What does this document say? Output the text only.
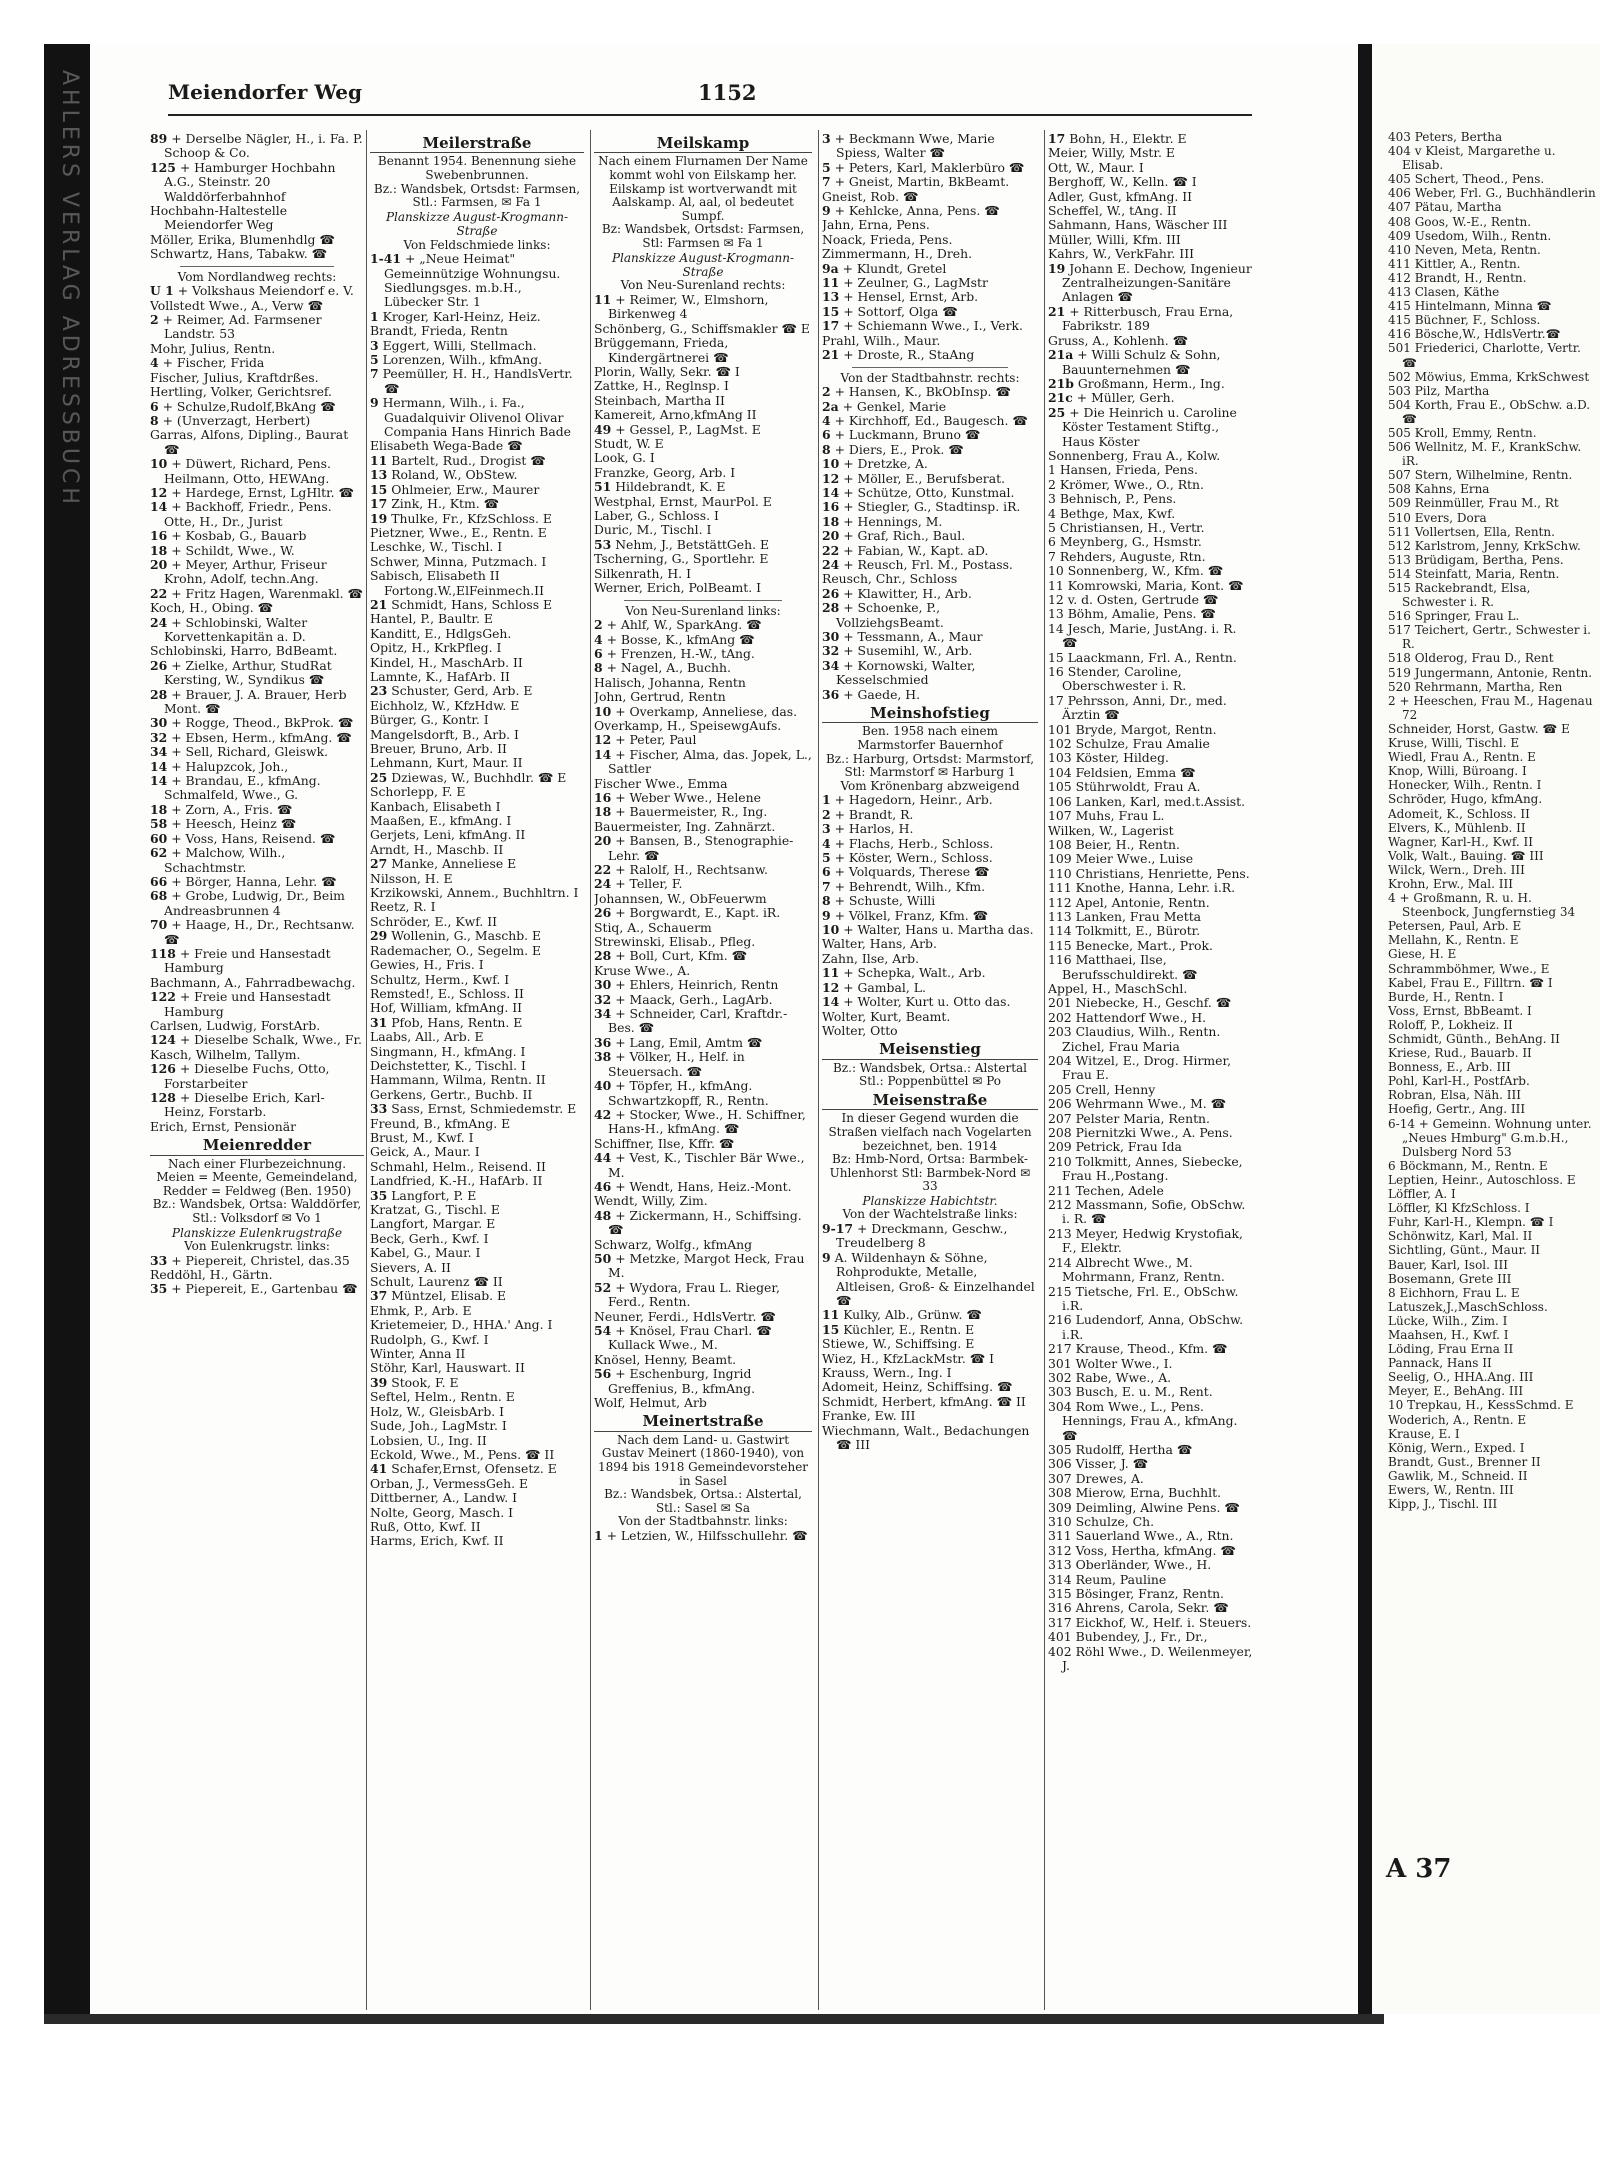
AHLERS VERLAG ADRESSBUCH	403 Peters, Bertha
404 v Kleist, Margarethe u. Elisab.
405 Schert, Theod., Pens.
406 Weber, Frl. G., Buchhändlerin
407 Pätau, Martha
408 Goos, W.-E., Rentn.
409 Usedom, Wilh., Rentn.
410 Neven, Meta, Rentn.
411 Kittler, A., Rentn.
412 Brandt, H., Rentn.
413 Clasen, Käthe
415 Hintelmann, Minna ☎
415 Büchner, F., Schloss.
416 Bösche,W., HdlsVertr.☎
501 Friederici, Charlotte, Vertr. ☎
502 Möwius, Emma, KrkSchwest
503 Pilz, Martha
504 Korth, Frau E., ObSchw. a.D. ☎
505 Kroll, Emmy, Rentn.
506 Wellnitz, M. F., KrankSchw. iR.
507 Stern, Wilhelmine, Rentn.
508 Kahns, Erna
509 Reinmüller, Frau M., Rt
510 Evers, Dora
511 Vollertsen, Ella, Rentn.
512 Karlstrom, Jenny, KrkSchw.
513 Brüdigam, Bertha, Pens.
514 Steinfatt, Maria, Rentn.
515 Rackebrandt, Elsa, Schwester i. R.
516 Springer, Frau L.
517 Teichert, Gertr., Schwester i. R.
518 Olderog, Frau D., Rent
519 Jungermann, Antonie, Rentn.
520 Rehrmann, Martha, Ren
2 + Heeschen, Frau M., Hagenau 72
Schneider, Horst, Gastw. ☎ E
Kruse, Willi, Tischl. E
Wiedl, Frau A., Rentn. E
Knop, Willi, Büroang. I
Honecker, Wilh., Rentn. I
Schröder, Hugo, kfmAng.
Adomeit, K., Schloss. II
Elvers, K., Mühlenb. II
Wagner, Karl-H., Kwf. II
Volk, Walt., Bauing. ☎ III
Wilck, Wern., Dreh. III
Krohn, Erw., Mal. III
4 + Großmann, R. u. H. Steenbock, Jungfernstieg 34
Petersen, Paul, Arb. E
Mellahn, K., Rentn. E
Giese, H. E
Schrammböhmer, Wwe., E
Kabel, Frau E., Filltrn. ☎ I
Burde, H., Rentn. I
Voss, Ernst, BbBeamt. I
Roloff, P., Lokheiz. II
Schmidt, Günth., BehAng. II
Kriese, Rud., Bauarb. II
Bonness, E., Arb. III
Pohl, Karl-H., PostfArb.
Robran, Elsa, Näh. III
Hoefig, Gertr., Ang. III
6-14 + Gemeinn. Wohnung unter. „Neues Hmburg" G.m.b.H., Dulsberg Nord 53
6 Böckmann, M., Rentn. E
Leptien, Heinr., Autoschloss. E
Löffler, A. I
Löffler, Kl KfzSchloss. I
Fuhr, Karl-H., Klempn. ☎ I
Schönwitz, Karl, Mal. II
Sichtling, Günt., Maur. II
Bauer, Karl, Isol. III
Bosemann, Grete III
8 Eichhorn, Frau L. E
Latuszek,J.,MaschSchloss.
Lücke, Wilh., Zim. I
Maahsen, H., Kwf. I
Löding, Frau Erna II
Pannack, Hans II
Seelig, O., HHA.Ang. III
Meyer, E., BehAng. III
10 Trepkau, H., KessSchmd. E
Woderich, A., Rentn. E
Krause, E. I
König, Wern., Exped. I
Brandt, Gust., Brenner II
Gawlik, M., Schneid. II
Ewers, W., Rentn. III
Kipp, J., Tischl. III
A 37
Meiendorfer Weg	1152
89 + Derselbe Nägler, H., i. Fa. P. Schoop & Co.
125 + Hamburger Hochbahn A.G., Steinstr. 20 Walddörferbahnhof
Hochbahn-Haltestelle Meiendorfer Weg
Möller, Erika, Blumenhdlg ☎
Schwartz, Hans, Tabakw. ☎
Vom Nordlandweg rechts:
U 1 + Volkshaus Meiendorf e. V.
Vollstedt Wwe., A., Verw ☎
2 + Reimer, Ad. Farmsener Landstr. 53
Mohr, Julius, Rentn.
4 + Fischer, Frida
Fischer, Julius, Kraftdrßes.
Hertling, Volker, Gerichtsref.
6 + Schulze,Rudolf,BkAng ☎
8 + (Unverzagt, Herbert)
Garras, Alfons, Dipling., Baurat ☎
10 + Düwert, Richard, Pens. Heilmann, Otto, HEWAng.
12 + Hardege, Ernst, LgHltr. ☎
14 + Backhoff, Friedr., Pens. Otte, H., Dr., Jurist
16 + Kosbab, G., Bauarb
18 + Schildt, Wwe., W.
20 + Meyer, Arthur, Friseur Krohn, Adolf, techn.Ang.
22 + Fritz Hagen, Warenmakl. ☎
Koch, H., Obing. ☎
24 + Schlobinski, Walter Korvettenkapitän a. D.
Schlobinski, Harro, BdBeamt.
26 + Zielke, Arthur, StudRat Kersting, W., Syndikus ☎
28 + Brauer, J. A. Brauer, Herb Mont. ☎
30 + Rogge, Theod., BkProk. ☎
32 + Ebsen, Herm., kfmAng. ☎
34 + Sell, Richard, Gleiswk.
14 + Halupzcok, Joh.,
14 + Brandau, E., kfmAng. Schmalfeld, Wwe., G.
18 + Zorn, A., Fris. ☎
58 + Heesch, Heinz ☎
60 + Voss, Hans, Reisend. ☎
62 + Malchow, Wilh., Schachtmstr.
66 + Börger, Hanna, Lehr. ☎
68 + Grobe, Ludwig, Dr., Beim Andreasbrunnen 4
70 + Haage, H., Dr., Rechtsanw. ☎
118 + Freie und Hansestadt Hamburg
Bachmann, A., Fahrradbewachg.
122 + Freie und Hansestadt Hamburg
Carlsen, Ludwig, ForstArb.
124 + Dieselbe Schalk, Wwe., Fr.
Kasch, Wilhelm, Tallym.
126 + Dieselbe Fuchs, Otto, Forstarbeiter
128 + Dieselbe Erich, Karl-Heinz, Forstarb.
Erich, Ernst, Pensionär
Meienredder
Nach einer Flurbezeichnung. Meien = Meente, Gemeindeland, Redder = Feldweg (Ben. 1950)
Bz.: Wandsbek, Ortsa: Walddörfer, Stl.: Volksdorf ✉ Vo 1
Planskizze Eulenkrugstraße
Von Eulenkrugstr. links:
33 + Piepereit, Christel, das.35
Reddöhl, H., Gärtn.
35 + Piepereit, E., Gartenbau ☎
Meilerstraße
Benannt 1954. Benennung siehe Swebenbrunnen.
Bz.: Wandsbek, Ortsdst: Farmsen, Stl.: Farmsen, ✉ Fa 1
Planskizze August-Krogmann-Straße
Von Feldschmiede links:
1-41 + „Neue Heimat" Gemeinnützige Wohnungsu. Siedlungsges. m.b.H., Lübecker Str. 1
1 Kroger, Karl-Heinz, Heiz.
Brandt, Frieda, Rentn
3 Eggert, Willi, Stellmach.
5 Lorenzen, Wilh., kfmAng.
7 Peemüller, H. H., HandlsVertr. ☎
9 Hermann, Wilh., i. Fa., Guadalquivir Olivenol Olivar Compania Hans Hinrich Bade
Elisabeth Wega-Bade ☎
11 Bartelt, Rud., Drogist ☎
13 Roland, W., ObStew.
15 Ohlmeier, Erw., Maurer
17 Zink, H., Ktm. ☎
19 Thulke, Fr., KfzSchloss. E
Pietzner, Wwe., E., Rentn. E
Leschke, W., Tischl. I
Schwer, Minna, Putzmach. I
Sabisch, Elisabeth II Fortong.W.,ElFeinmech.II
21 Schmidt, Hans, Schloss E
Hantel, P., Baultr. E
Kanditt, E., HdlgsGeh.
Opitz, H., KrkPfleg. I
Kindel, H., MaschArb. II
Lamnte, K., HafArb. II
23 Schuster, Gerd, Arb. E
Eichholz, W., KfzHdw. E
Bürger, G., Kontr. I
Mangelsdorft, B., Arb. I
Breuer, Bruno, Arb. II
Lehmann, Kurt, Maur. II
25 Dziewas, W., Buchhdlr. ☎ E
Schorlepp, F. E
Kanbach, Elisabeth I
Maaßen, E., kfmAng. I
Gerjets, Leni, kfmAng. II
Arndt, H., Maschb. II
27 Manke, Anneliese E
Nilsson, H. E
Krzikowski, Annem., Buchhltrn. I
Reetz, R. I
Schröder, E., Kwf. II
29 Wollenin, G., Maschb. E
Rademacher, O., Segelm. E
Gewies, H., Fris. I
Schultz, Herm., Kwf. I
Remsted!, E., Schloss. II
Hof, William, kfmAng. II
31 Pfob, Hans, Rentn. E
Laabs, All., Arb. E
Singmann, H., kfmAng. I
Deichstetter, K., Tischl. I
Hammann, Wilma, Rentn. II
Gerkens, Gertr., Buchb. II
33 Sass, Ernst, Schmiedemstr. E
Freund, B., kfmAng. E
Brust, M., Kwf. I
Geick, A., Maur. I
Schmahl, Helm., Reisend. II
Landfried, K.-H., HafArb. II
35 Langfort, P. E
Kratzat, G., Tischl. E
Langfort, Margar. E
Beck, Gerh., Kwf. I
Kabel, G., Maur. I
Sievers, A. II
Schult, Laurenz ☎ II
37 Müntzel, Elisab. E
Ehmk, P., Arb. E
Krietemeier, D., HHA.' Ang. I
Rudolph, G., Kwf. I
Winter, Anna II
Stöhr, Karl, Hauswart. II
39 Stook, F. E
Seftel, Helm., Rentn. E
Holz, W., GleisbArb. I
Sude, Joh., LagMstr. I
Lobsien, U., Ing. II
Eckold, Wwe., M., Pens. ☎ II
41 Schafer,Ernst, Ofensetz. E
Orban, J., VermessGeh. E
Dittberner, A., Landw. I
Nolte, Georg, Masch. I
Ruß, Otto, Kwf. II
Harms, Erich, Kwf. II
Meilskamp
Nach einem Flurnamen Der Name kommt wohl von Eilskamp her. Eilskamp ist wortverwandt mit Aalskamp. Al, aal, ol bedeutet Sumpf.
Bz: Wandsbek, Ortsdst: Farmsen, Stl: Farmsen ✉ Fa 1
Planskizze August-Krogmann-Straße
Von Neu-Surenland rechts:
11 + Reimer, W., Elmshorn, Birkenweg 4
Schönberg, G., Schiffsmakler ☎ E
Brüggemann, Frieda, Kindergärtnerei ☎
Plorin, Wally, Sekr. ☎ I
Zattke, H., Reglnsp. I
Steinbach, Martha II
Kamereit, Arno,kfmAng II
49 + Gessel, P., LagMst. E
Studt, W. E
Look, G. I
Franzke, Georg, Arb. I
51 Hildebrandt, K. E
Westphal, Ernst, MaurPol. E
Laber, G., Schloss. I
Duric, M., Tischl. I
53 Nehm, J., BetstättGeh. E
Tscherning, G., Sportlehr. E
Silkenrath, H. I
Werner, Erich, PolBeamt. I
Von Neu-Surenland links:
2 + Ahlf, W., SparkAng. ☎
4 + Bosse, K., kfmAng ☎
6 + Frenzen, H.-W., tAng.
8 + Nagel, A., Buchh.
Halisch, Johanna, Rentn
John, Gertrud, Rentn
10 + Overkamp, Anneliese, das.
Overkamp, H., SpeisewgAufs.
12 + Peter, Paul
14 + Fischer, Alma, das. Jopek, L., Sattler
Fischer Wwe., Emma
16 + Weber Wwe., Helene
18 + Bauermeister, R., Ing.
Bauermeister, Ing. Zahnärzt.
20 + Bansen, B., Stenographie-Lehr. ☎
22 + Ralolf, H., Rechtsanw.
24 + Teller, F.
Johannsen, W., ObFeuerwm
26 + Borgwardt, E., Kapt. iR.
Stiq, A., Schauerm
Strewinski, Elisab., Pfleg.
28 + Boll, Curt, Kfm. ☎
Kruse Wwe., A.
30 + Ehlers, Heinrich, Rentn
32 + Maack, Gerh., LagArb.
34 + Schneider, Carl, Kraftdr.-Bes. ☎
36 + Lang, Emil, Amtm ☎
38 + Völker, H., Helf. in Steuersach. ☎
40 + Töpfer, H., kfmAng. Schwartzkopff, R., Rentn.
42 + Stocker, Wwe., H. Schiffner, Hans-H., kfmAng. ☎
Schiffner, Ilse, Kffr. ☎
44 + Vest, K., Tischler Bär Wwe., M.
46 + Wendt, Hans, Heiz.-Mont.
Wendt, Willy, Zim.
48 + Zickermann, H., Schiffsing. ☎
Schwarz, Wolfg., kfmAng
50 + Metzke, Margot Heck, Frau M.
52 + Wydora, Frau L. Rieger, Ferd., Rentn.
Neuner, Ferdi., HdlsVertr. ☎
54 + Knösel, Frau Charl. ☎ Kullack Wwe., M.
Knösel, Henny, Beamt.
56 + Eschenburg, Ingrid Greffenius, B., kfmAng.
Wolf, Helmut, Arb
Meinertstraße
Nach dem Land- u. Gastwirt Gustav Meinert (1860-1940), von 1894 bis 1918 Gemeindevorsteher in Sasel
Bz.: Wandsbek, Ortsa.: Alstertal, Stl.: Sasel ✉ Sa
Von der Stadtbahnstr. links:
1 + Letzien, W., Hilfsschullehr. ☎
3 + Beckmann Wwe, Marie Spiess, Walter ☎
5 + Peters, Karl, Maklerbüro ☎
7 + Gneist, Martin, BkBeamt.
Gneist, Rob. ☎
9 + Kehlcke, Anna, Pens. ☎
Jahn, Erna, Pens.
Noack, Frieda, Pens.
Zimmermann, H., Dreh.
9a + Klundt, Gretel
11 + Zeulner, G., LagMstr
13 + Hensel, Ernst, Arb.
15 + Sottorf, Olga ☎
17 + Schiemann Wwe., I., Verk.
Prahl, Wilh., Maur.
21 + Droste, R., StaAng
Von der Stadtbahnstr. rechts:
2 + Hansen, K., BkObInsp. ☎
2a + Genkel, Marie
4 + Kirchhoff, Ed., Baugesch. ☎
6 + Luckmann, Bruno ☎
8 + Diers, E., Prok. ☎
10 + Dretzke, A.
12 + Möller, E., Berufsberat.
14 + Schütze, Otto, Kunstmal.
16 + Stiegler, G., Stadtinsp. iR.
18 + Hennings, M.
20 + Graf, Rich., Baul.
22 + Fabian, W., Kapt. aD.
24 + Reusch, Frl. M., Postass.
Reusch, Chr., Schloss
26 + Klawitter, H., Arb.
28 + Schoenke, P., VollziehgsBeamt.
30 + Tessmann, A., Maur
32 + Susemihl, W., Arb.
34 + Kornowski, Walter, Kesselschmied
36 + Gaede, H.
Meinshofstieg
Ben. 1958 nach einem Marmstorfer Bauernhof
Bz.: Harburg, Ortsdst: Marmstorf, Stl: Marmstorf ✉ Harburg 1
Vom Krönenbarg abzweigend
1 + Hagedorn, Heinr., Arb.
2 + Brandt, R.
3 + Harlos, H.
4 + Flachs, Herb., Schloss.
5 + Köster, Wern., Schloss.
6 + Volquards, Therese ☎
7 + Behrendt, Wilh., Kfm.
8 + Schuste, Willi
9 + Völkel, Franz, Kfm. ☎
10 + Walter, Hans u. Martha das.
Walter, Hans, Arb.
Zahn, Ilse, Arb.
11 + Schepka, Walt., Arb.
12 + Gambal, L.
14 + Wolter, Kurt u. Otto das.
Wolter, Kurt, Beamt.
Wolter, Otto
Meisenstieg
Bz.: Wandsbek, Ortsa.: Alstertal Stl.: Poppenbüttel ✉ Po
Meisenstraße
In dieser Gegend wurden die Straßen vielfach nach Vogelarten bezeichnet, ben. 1914
Bz: Hmb-Nord, Ortsa: Barmbek-Uhlenhorst Stl: Barmbek-Nord ✉ 33
Planskizze Habichtstr.
Von der Wachtelstraße links:
9-17 + Dreckmann, Geschw., Treudelberg 8
9 A. Wildenhayn & Söhne, Rohprodukte, Metalle, Altleisen, Groß- & Einzelhandel ☎
11 Kulky, Alb., Grünw. ☎
15 Küchler, E., Rentn. E
Stiewe, W., Schiffsing. E
Wiez, H., KfzLackMstr. ☎ I
Krauss, Wern., Ing. I
Adomeit, Heinz, Schiffsing. ☎
Schmidt, Herbert, kfmAng. ☎ II
Franke, Ew. III
Wiechmann, Walt., Bedachungen ☎ III
17 Bohn, H., Elektr. E
Meier, Willy, Mstr. E
Ott, W., Maur. I
Berghoff, W., Kelln. ☎ I
Adler, Gust, kfmAng. II
Scheffel, W., tAng. II
Sahmann, Hans, Wäscher III
Müller, Willi, Kfm. III
Kahrs, W., VerkFahr. III
19 Johann E. Dechow, Ingenieur Zentralheizungen-Sanitäre Anlagen ☎
21 + Ritterbusch, Frau Erna, Fabrikstr. 189
Gruss, A., Kohlenh. ☎
21a + Willi Schulz & Sohn, Bauunternehmen ☎
21b Großmann, Herm., Ing.
21c + Müller, Gerh.
25 + Die Heinrich u. Caroline Köster Testament Stiftg., Haus Köster
Sonnenberg, Frau A., Kolw.
1 Hansen, Frieda, Pens.
2 Krömer, Wwe., O., Rtn.
3 Behnisch, P., Pens.
4 Bethge, Max, Kwf.
5 Christiansen, H., Vertr.
6 Meynberg, G., Hsmstr.
7 Rehders, Auguste, Rtn.
10 Sonnenberg, W., Kfm. ☎
11 Komrowski, Maria, Kont. ☎
12 v. d. Osten, Gertrude ☎
13 Böhm, Amalie, Pens. ☎
14 Jesch, Marie, JustAng. i. R. ☎
15 Laackmann, Frl. A., Rentn.
16 Stender, Caroline, Oberschwester i. R.
17 Pehrsson, Anni, Dr., med. Ärztin ☎
101 Bryde, Margot, Rentn.
102 Schulze, Frau Amalie
103 Köster, Hildeg.
104 Feldsien, Emma ☎
105 Stührwoldt, Frau A.
106 Lanken, Karl, med.t.Assist.
107 Muhs, Frau L.
Wilken, W., Lagerist
108 Beier, H., Rentn.
109 Meier Wwe., Luise
110 Christians, Henriette, Pens.
111 Knothe, Hanna, Lehr. i.R.
112 Apel, Antonie, Rentn.
113 Lanken, Frau Metta
114 Tolkmitt, E., Bürotr.
115 Benecke, Mart., Prok.
116 Matthaei, Ilse, Berufsschuldirekt. ☎
Appel, H., MaschSchl.
201 Niebecke, H., Geschf. ☎
202 Hattendorf Wwe., H.
203 Claudius, Wilh., Rentn. Zichel, Frau Maria
204 Witzel, E., Drog. Hirmer, Frau E.
205 Crell, Henny
206 Wehrmann Wwe., M. ☎
207 Pelster Maria, Rentn.
208 Piernitzki Wwe., A. Pens.
209 Petrick, Frau Ida
210 Tolkmitt, Annes, Siebecke, Frau H.,Postang.
211 Techen, Adele
212 Massmann, Sofie, ObSchw. i. R. ☎
213 Meyer, Hedwig Krystofiak, F., Elektr.
214 Albrecht Wwe., M. Mohrmann, Franz, Rentn.
215 Tietsche, Frl. E., ObSchw. i.R.
216 Ludendorf, Anna, ObSchw. i.R.
217 Krause, Theod., Kfm. ☎
301 Wolter Wwe., I.
302 Rabe, Wwe., A.
303 Busch, E. u. M., Rent.
304 Rom Wwe., L., Pens. Hennings, Frau A., kfmAng. ☎
305 Rudolff, Hertha ☎
306 Visser, J. ☎
307 Drewes, A.
308 Mierow, Erna, Buchhlt.
309 Deimling, Alwine Pens. ☎
310 Schulze, Ch.
311 Sauerland Wwe., A., Rtn.
312 Voss, Hertha, kfmAng. ☎
313 Oberländer, Wwe., H.
314 Reum, Pauline
315 Bösinger, Franz, Rentn.
316 Ahrens, Carola, Sekr. ☎
317 Eickhof, W., Helf. i. Steuers.
401 Bubendey, J., Fr., Dr.,
402 Röhl Wwe., D. Weilenmeyer, J.
